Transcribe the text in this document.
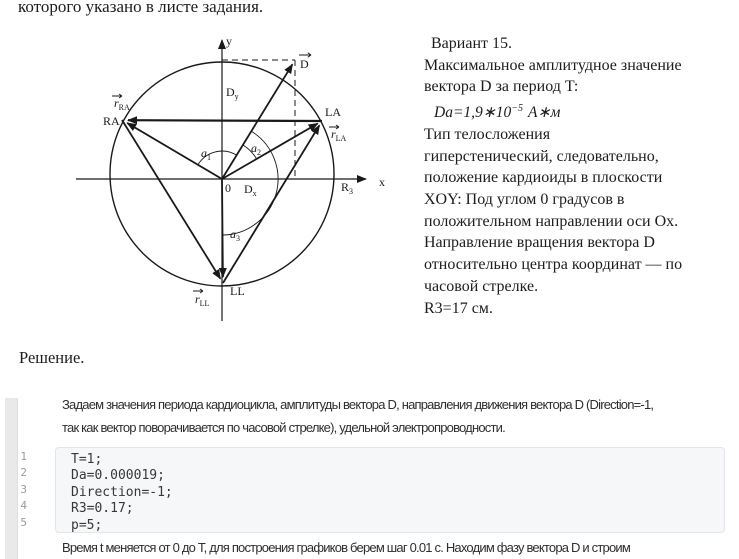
которого указано в листе задания.
y
x
0
D
$D_y$
$D_x$	$R_3$
RA
LA
LL
$r_{RA}$
$r_{LA}$
$r_{LL}$
$a_1$
$a_2$
$a_3$
Вариант 15.
Максимальное амплитудное значение
вектора D за период T:
$Da=1,9∗10^{-5}$ A∗м
Тип телосложения
гиперстенический, следовательно,
положение кардиоиды в плоскости
XOY: Под углом 0 градусов в
положительном направлении оси Ox.
Направление вращения вектора D
относительно центра координат — по
часовой стрелке.
R3=17 см.
Решение.
Задаем значения периода кардиоцикла, амплитуды вектора D, направления движения вектора D (Direction=-1,
так как вектор поворачивается по часовой стрелке), удельной электропроводности.
1
2
3
4
5
T=1;
Da=0.000019;
Direction=-1;
R3=0.17;
p=5;
Время t меняется от 0 до T, для построения графиков берем шаг 0.01 с. Находим фазу вектора D и строим
